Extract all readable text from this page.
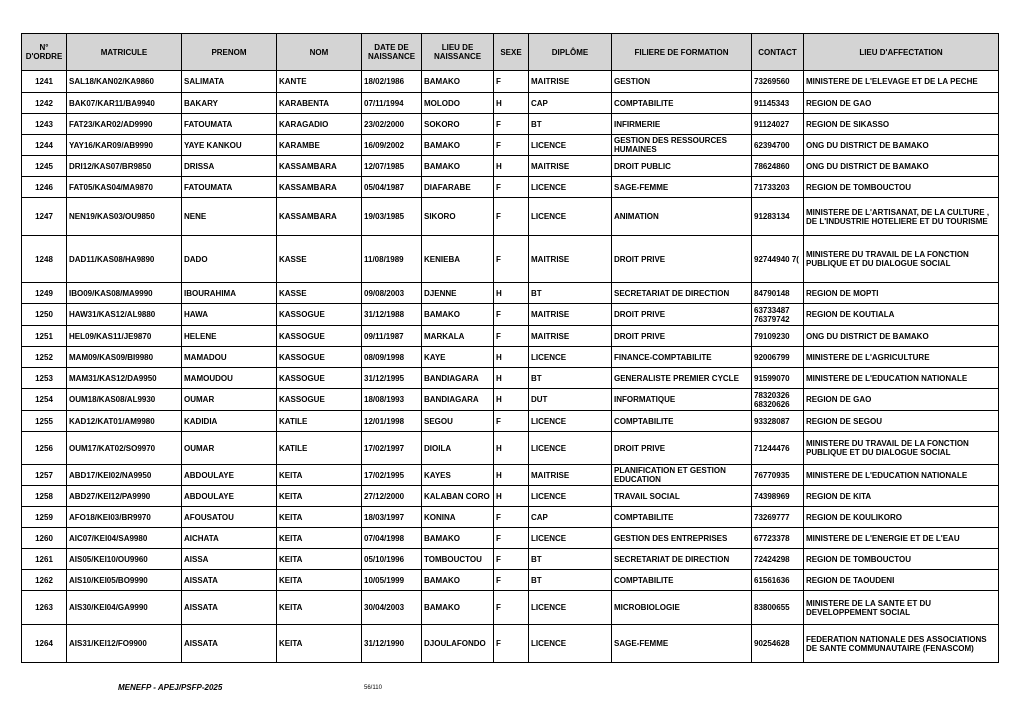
N° D'ORDRE	MATRICULE	PRENOM	NOM	DATE DE NAISSANCE	LIEU DE NAISSANCE	SEXE	DIPLÔME	FILIERE DE FORMATION	CONTACT	LIEU D'AFFECTATION
1241	SAL18/KAN02/KA9860	SALIMATA	KANTE	18/02/1986	BAMAKO	F	MAITRISE	GESTION	73269560	MINISTERE DE L'ELEVAGE ET DE LA PECHE
1242	BAK07/KAR11/BA9940	BAKARY	KARABENTA	07/11/1994	MOLODO	H	CAP	COMPTABILITE	91145343	REGION DE GAO
1243	FAT23/KAR02/AD9990	FATOUMATA	KARAGADIO	23/02/2000	SOKORO	F	BT	INFIRMERIE	91124027	REGION DE SIKASSO
1244	YAY16/KAR09/AB9990	YAYE KANKOU	KARAMBE	16/09/2002	BAMAKO	F	LICENCE	GESTION DES RESSOURCES HUMAINES	62394700	ONG DU DISTRICT DE BAMAKO
1245	DRI12/KAS07/BR9850	DRISSA	KASSAMBARA	12/07/1985	BAMAKO	H	MAITRISE	DROIT PUBLIC	78624860	ONG DU DISTRICT DE BAMAKO
1246	FAT05/KAS04/MA9870	FATOUMATA	KASSAMBARA	05/04/1987	DIAFARABE	F	LICENCE	SAGE-FEMME	71733203	REGION DE TOMBOUCTOU
1247	NEN19/KAS03/OU9850	NENE	KASSAMBARA	19/03/1985	SIKORO	F	LICENCE	ANIMATION	91283134	MINISTERE DE L'ARTISANAT, DE LA CULTURE , DE L'INDUSTRIE HOTELIERE ET DU TOURISME
1248	DAD11/KAS08/HA9890	DADO	KASSE	11/08/1989	KENIEBA	F	MAITRISE	DROIT PRIVE	92744940 7(	MINISTERE DU TRAVAIL DE LA FONCTION PUBLIQUE ET DU DIALOGUE SOCIAL
1249	IBO09/KAS08/MA9990	IBOURAHIMA	KASSE	09/08/2003	DJENNE	H	BT	SECRETARIAT DE DIRECTION	84790148	REGION DE MOPTI
1250	HAW31/KAS12/AL9880	HAWA	KASSOGUE	31/12/1988	BAMAKO	F	MAITRISE	DROIT PRIVE	63733487 76379742	REGION DE KOUTIALA
1251	HEL09/KAS11/JE9870	HELENE	KASSOGUE	09/11/1987	MARKALA	F	MAITRISE	DROIT PRIVE	79109230	ONG DU DISTRICT DE BAMAKO
1252	MAM09/KAS09/BI9980	MAMADOU	KASSOGUE	08/09/1998	KAYE	H	LICENCE	FINANCE-COMPTABILITE	92006799	MINISTERE DE L'AGRICULTURE
1253	MAM31/KAS12/DA9950	MAMOUDOU	KASSOGUE	31/12/1995	BANDIAGARA	H	BT	GENERALISTE PREMIER CYCLE	91599070	MINISTERE DE L'EDUCATION NATIONALE
1254	OUM18/KAS08/AL9930	OUMAR	KASSOGUE	18/08/1993	BANDIAGARA	H	DUT	INFORMATIQUE	78320326 68320626	REGION DE GAO
1255	KAD12/KAT01/AM9980	KADIDIA	KATILE	12/01/1998	SEGOU	F	LICENCE	COMPTABILITE	93328087	REGION DE SEGOU
1256	OUM17/KAT02/SO9970	OUMAR	KATILE	17/02/1997	DIOILA	H	LICENCE	DROIT PRIVE	71244476	MINISTERE DU TRAVAIL DE LA FONCTION PUBLIQUE ET DU DIALOGUE SOCIAL
1257	ABD17/KEI02/NA9950	ABDOULAYE	KEITA	17/02/1995	KAYES	H	MAITRISE	PLANIFICATION ET GESTION EDUCATION	76770935	MINISTERE DE L'EDUCATION NATIONALE
1258	ABD27/KEI12/PA9990	ABDOULAYE	KEITA	27/12/2000	KALABAN CORO	H	LICENCE	TRAVAIL SOCIAL	74398969	REGION DE KITA
1259	AFO18/KEI03/BR9970	AFOUSATOU	KEITA	18/03/1997	KONINA	F	CAP	COMPTABILITE	73269777	REGION DE KOULIKORO
1260	AIC07/KEI04/SA9980	AICHATA	KEITA	07/04/1998	BAMAKO	F	LICENCE	GESTION DES ENTREPRISES	67723378	MINISTERE DE L'ENERGIE ET DE L'EAU
1261	AIS05/KEI10/OU9960	AISSA	KEITA	05/10/1996	TOMBOUCTOU	F	BT	SECRETARIAT DE DIRECTION	72424298	REGION DE TOMBOUCTOU
1262	AIS10/KEI05/BO9990	AISSATA	KEITA	10/05/1999	BAMAKO	F	BT	COMPTABILITE	61561636	REGION DE TAOUDENI
1263	AIS30/KEI04/GA9990	AISSATA	KEITA	30/04/2003	BAMAKO	F	LICENCE	MICROBIOLOGIE	83800655	MINISTERE DE LA SANTE ET DU DEVELOPPEMENT SOCIAL
1264	AIS31/KEI12/FO9900	AISSATA	KEITA	31/12/1990	DJOULAFONDO	F	LICENCE	SAGE-FEMME	90254628	FEDERATION NATIONALE DES ASSOCIATIONS DE SANTE COMMUNAUTAIRE (FENASCOM)
MENEFP - APEJ/PSFP-2025	56/110
